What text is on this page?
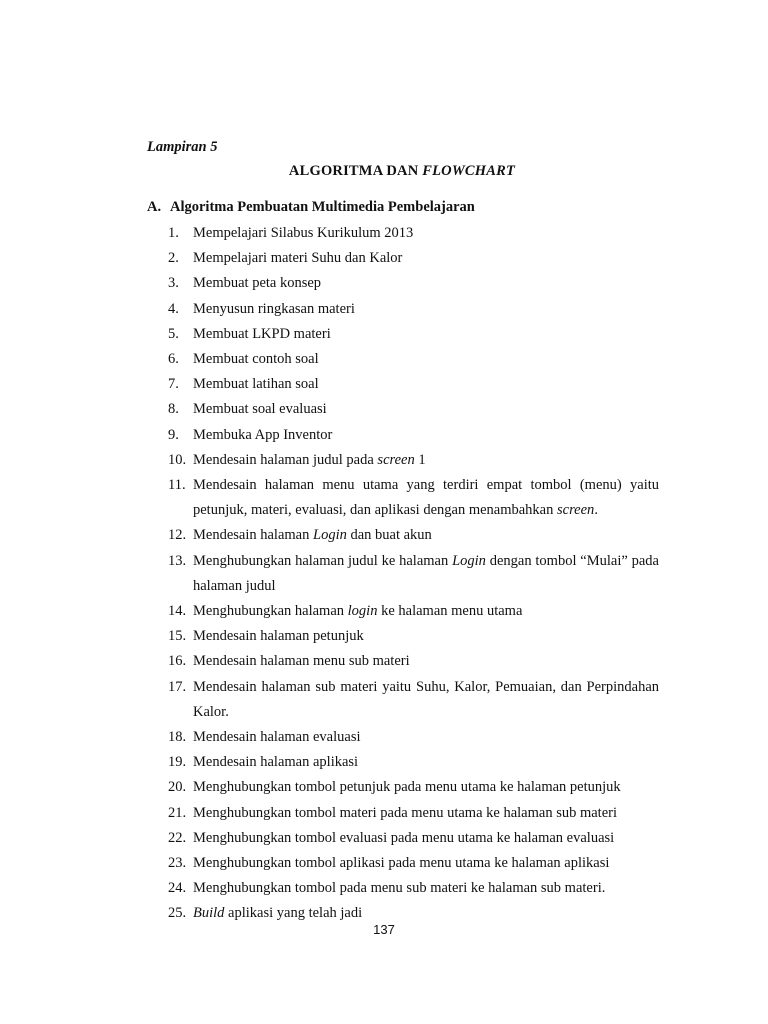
Lampiran 5
ALGORITMA DAN FLOWCHART
A. Algoritma Pembuatan Multimedia Pembelajaran
1. Mempelajari Silabus Kurikulum 2013
2. Mempelajari materi Suhu dan Kalor
3. Membuat peta konsep
4. Menyusun ringkasan materi
5. Membuat LKPD materi
6. Membuat contoh soal
7. Membuat latihan soal
8. Membuat soal evaluasi
9. Membuka App Inventor
10. Mendesain halaman judul pada screen 1
11. Mendesain halaman menu utama yang terdiri empat tombol (menu) yaitu petunjuk, materi, evaluasi, dan aplikasi dengan menambahkan screen.
12. Mendesain halaman Login dan buat akun
13. Menghubungkan halaman judul ke halaman Login dengan tombol “Mulai” pada halaman judul
14. Menghubungkan halaman login ke halaman menu utama
15. Mendesain halaman petunjuk
16. Mendesain halaman menu sub materi
17. Mendesain halaman sub materi yaitu Suhu, Kalor, Pemuaian, dan Perpindahan Kalor.
18. Mendesain halaman evaluasi
19. Mendesain halaman aplikasi
20. Menghubungkan tombol petunjuk pada menu utama ke halaman petunjuk
21. Menghubungkan tombol materi pada menu utama ke halaman sub materi
22. Menghubungkan tombol evaluasi pada menu utama ke halaman evaluasi
23. Menghubungkan tombol aplikasi pada menu utama ke halaman aplikasi
24. Menghubungkan tombol pada menu sub materi ke halaman sub materi.
25. Build aplikasi yang telah jadi
137
